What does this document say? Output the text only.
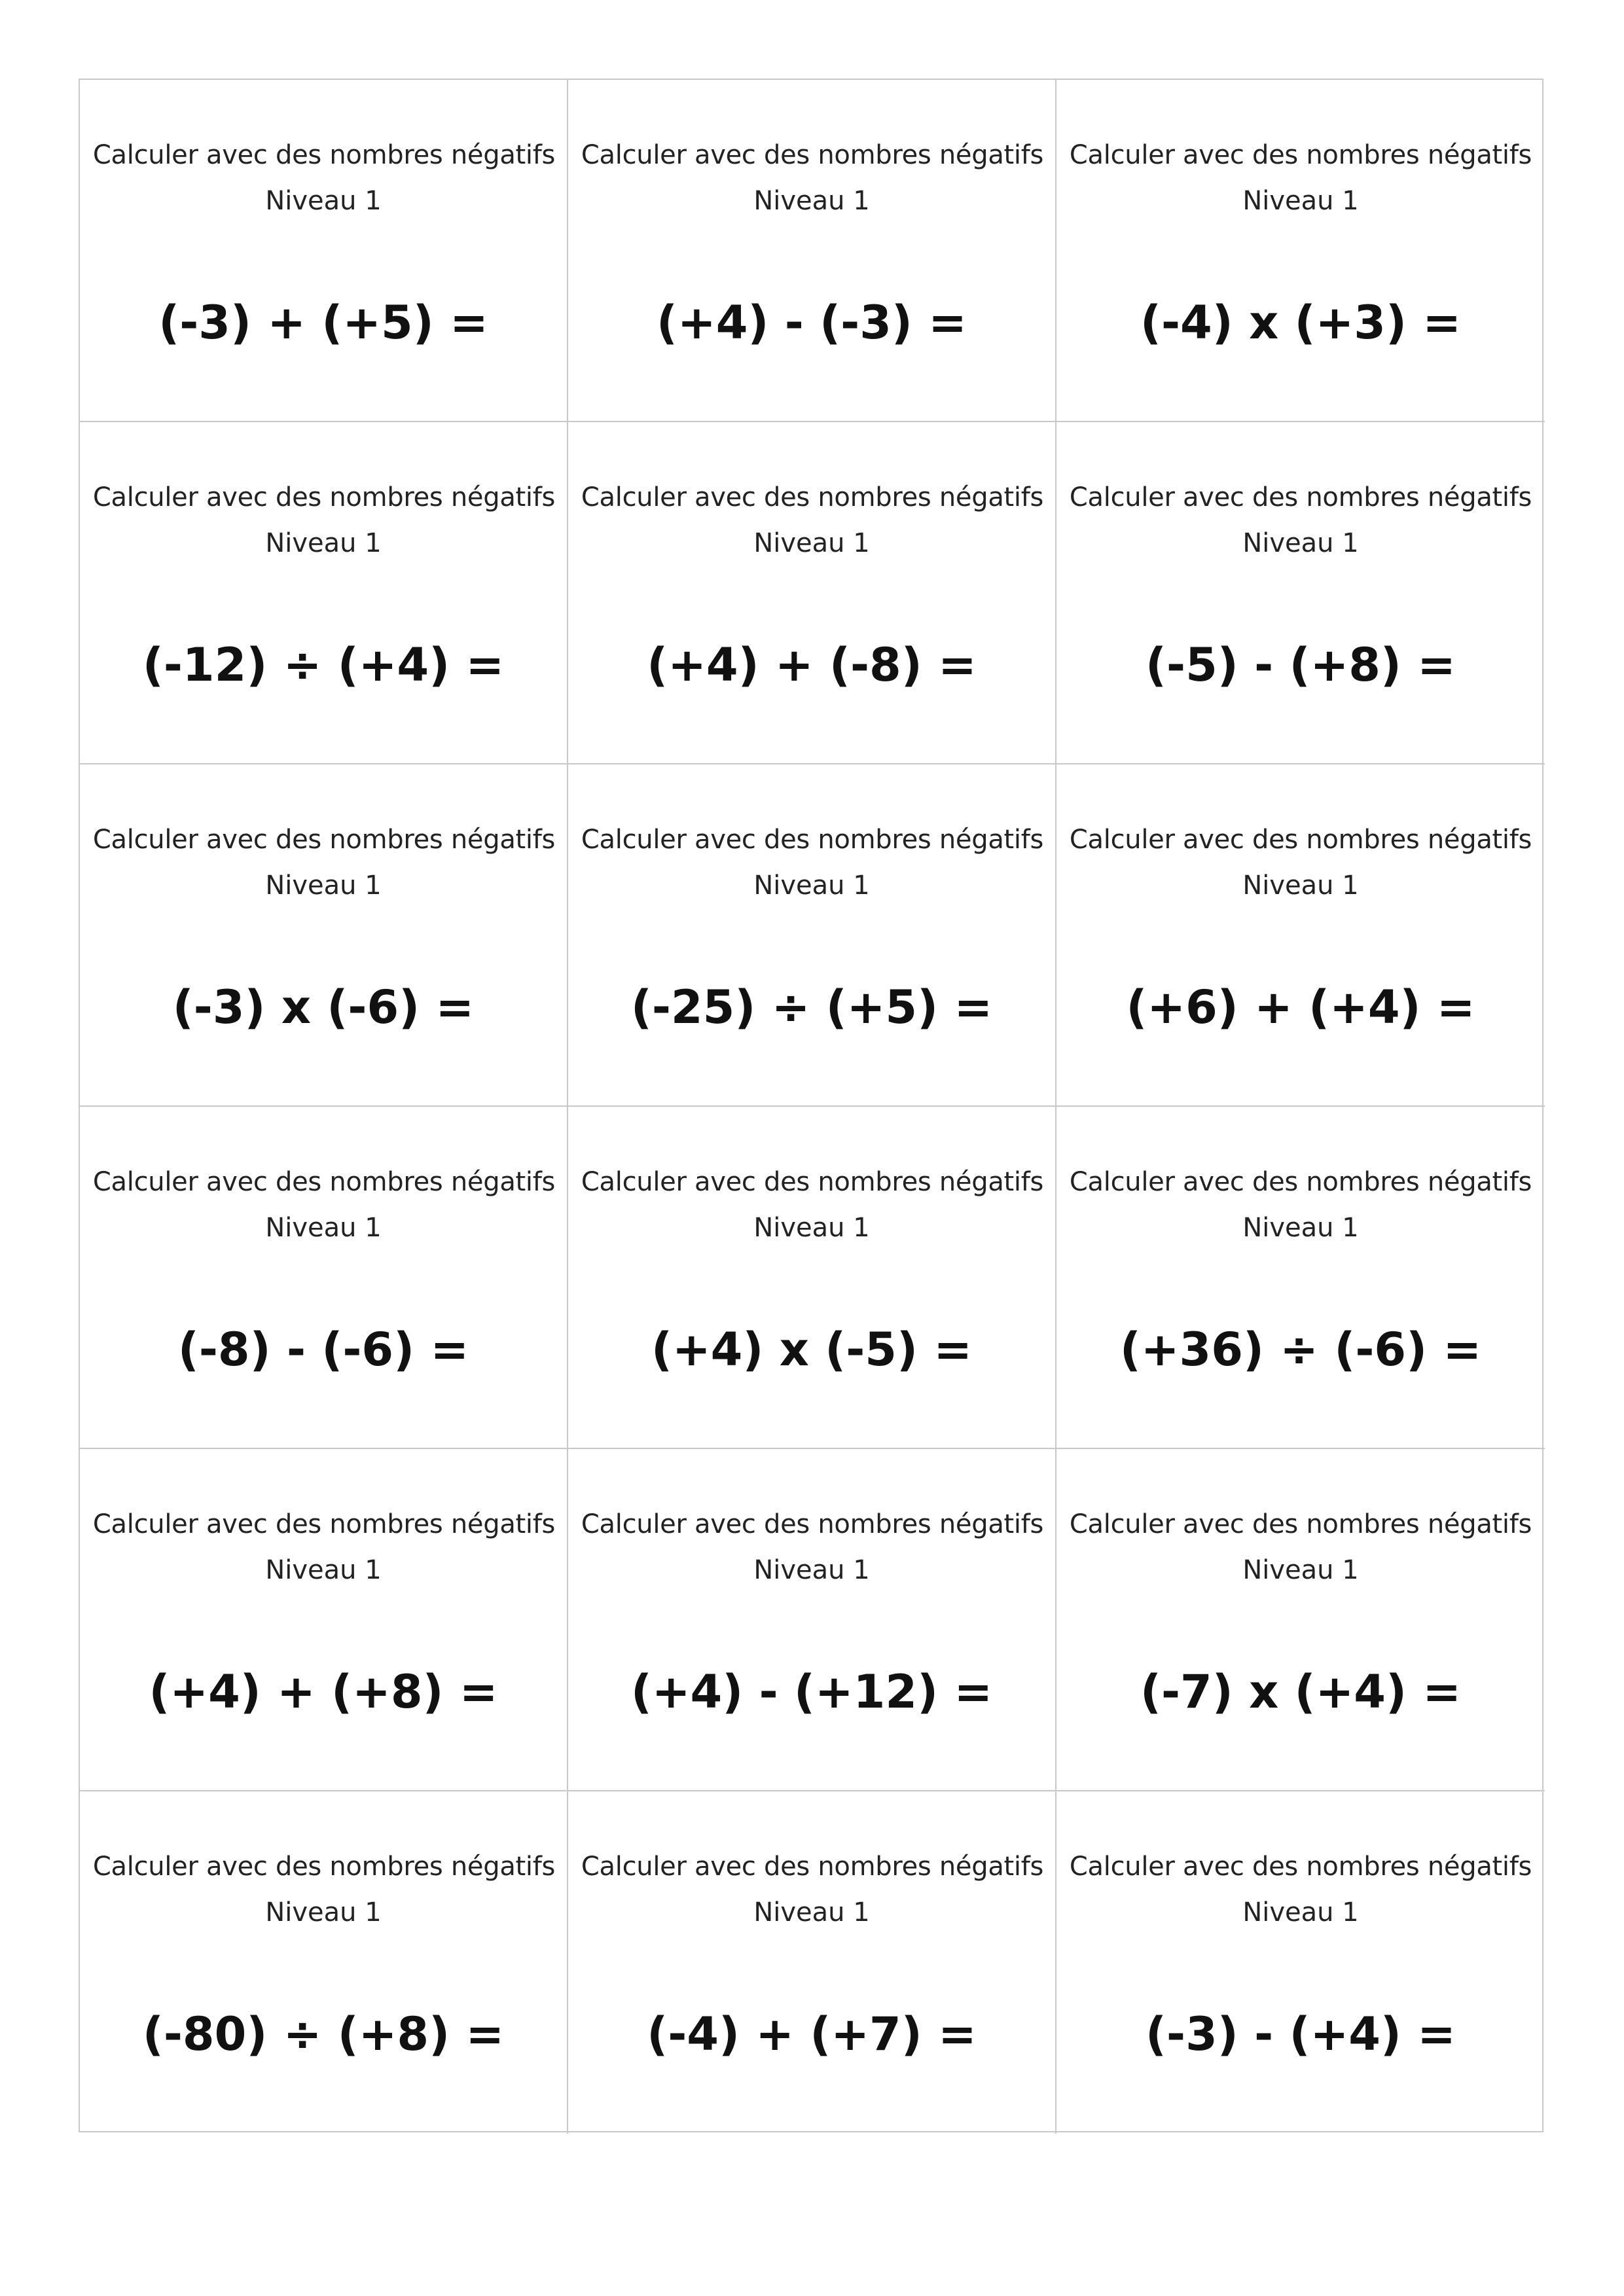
Calculer avec des nombres négatifs
Niveau 1
(-3) + (+5) =
Calculer avec des nombres négatifs
Niveau 1
(+4) - (-3) =
Calculer avec des nombres négatifs
Niveau 1
(-4) x (+3) =
Calculer avec des nombres négatifs
Niveau 1
(-12) ÷ (+4) =
Calculer avec des nombres négatifs
Niveau 1
(+4) + (-8) =
Calculer avec des nombres négatifs
Niveau 1
(-5) - (+8) =
Calculer avec des nombres négatifs
Niveau 1
(-3) x (-6) =
Calculer avec des nombres négatifs
Niveau 1
(-25) ÷ (+5) =
Calculer avec des nombres négatifs
Niveau 1
(+6) + (+4) =
Calculer avec des nombres négatifs
Niveau 1
(-8) - (-6) =
Calculer avec des nombres négatifs
Niveau 1
(+4) x (-5) =
Calculer avec des nombres négatifs
Niveau 1
(+36) ÷ (-6) =
Calculer avec des nombres négatifs
Niveau 1
(+4) + (+8) =
Calculer avec des nombres négatifs
Niveau 1
(+4) - (+12) =
Calculer avec des nombres négatifs
Niveau 1
(-7) x (+4) =
Calculer avec des nombres négatifs
Niveau 1
(-80) ÷ (+8) =
Calculer avec des nombres négatifs
Niveau 1
(-4) + (+7) =
Calculer avec des nombres négatifs
Niveau 1
(-3) - (+4) =
